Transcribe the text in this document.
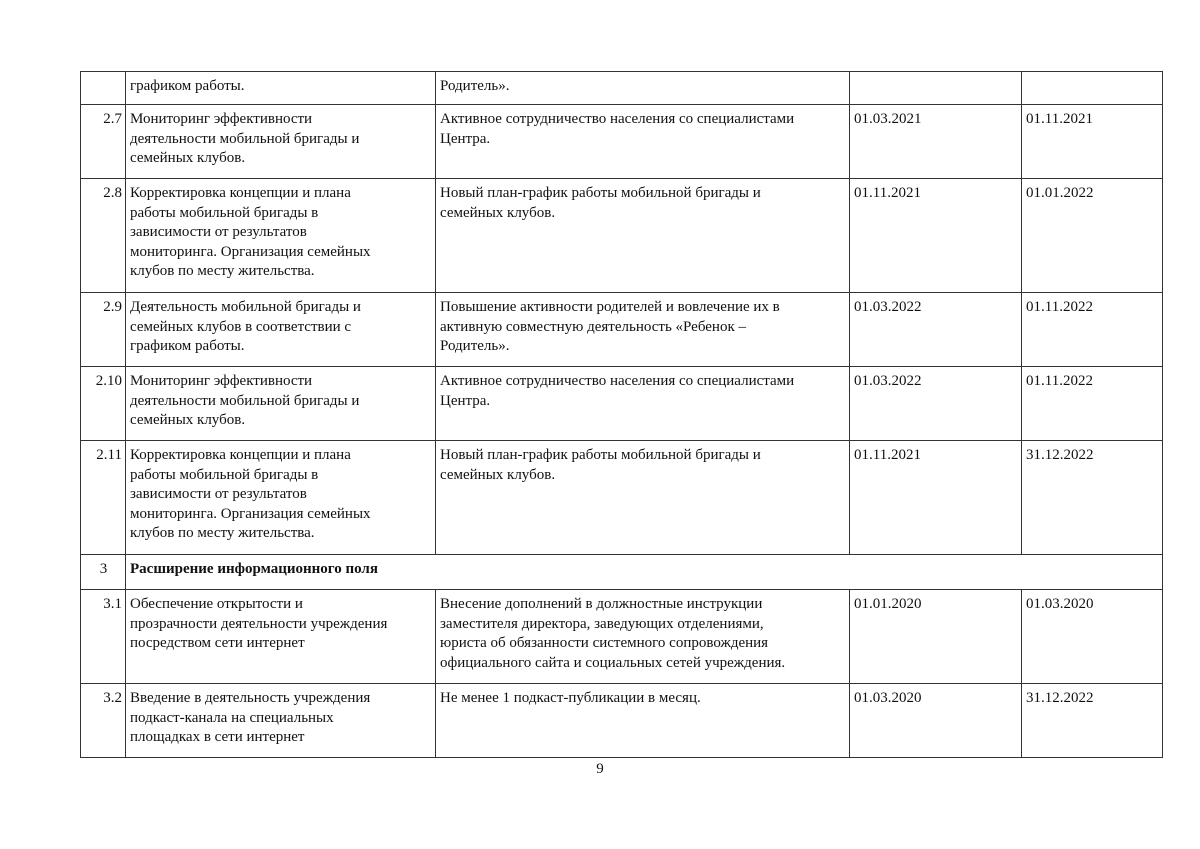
	графиком работы.	Родитель».		
2.7	Мониторинг эффективности
деятельности мобильной бригады и
семейных клубов.	Активное сотрудничество населения со специалистами
Центра.	01.03.2021	01.11.2021
2.8	Корректировка концепции и плана
работы мобильной бригады в
зависимости от результатов
мониторинга. Организация семейных
клубов по месту жительства.	Новый план-график работы мобильной бригады и
семейных клубов.	01.11.2021	01.01.2022
2.9	Деятельность мобильной бригады и
семейных клубов в соответствии с
графиком работы.	Повышение активности родителей и вовлечение их в
активную совместную деятельность «Ребенок –
Родитель».	01.03.2022	01.11.2022
2.10	Мониторинг эффективности
деятельности мобильной бригады и
семейных клубов.	Активное сотрудничество населения со специалистами
Центра.	01.03.2022	01.11.2022
2.11	Корректировка концепции и плана
работы мобильной бригады в
зависимости от результатов
мониторинга. Организация семейных
клубов по месту жительства.	Новый план-график работы мобильной бригады и
семейных клубов.	01.11.2021	31.12.2022
3	Расширение информационного поля			
3.1	Обеспечение открытости и
прозрачности деятельности учреждения
посредством сети интернет	Внесение дополнений в должностные инструкции
заместителя директора, заведующих отделениями,
юриста об обязанности системного сопровождения
официального сайта и социальных сетей учреждения.	01.01.2020	01.03.2020
3.2	Введение в деятельность учреждения
подкаст-канала на специальных
площадках в сети интернет	Не менее 1 подкаст-публикации в месяц.	01.03.2020	31.12.2022
9
